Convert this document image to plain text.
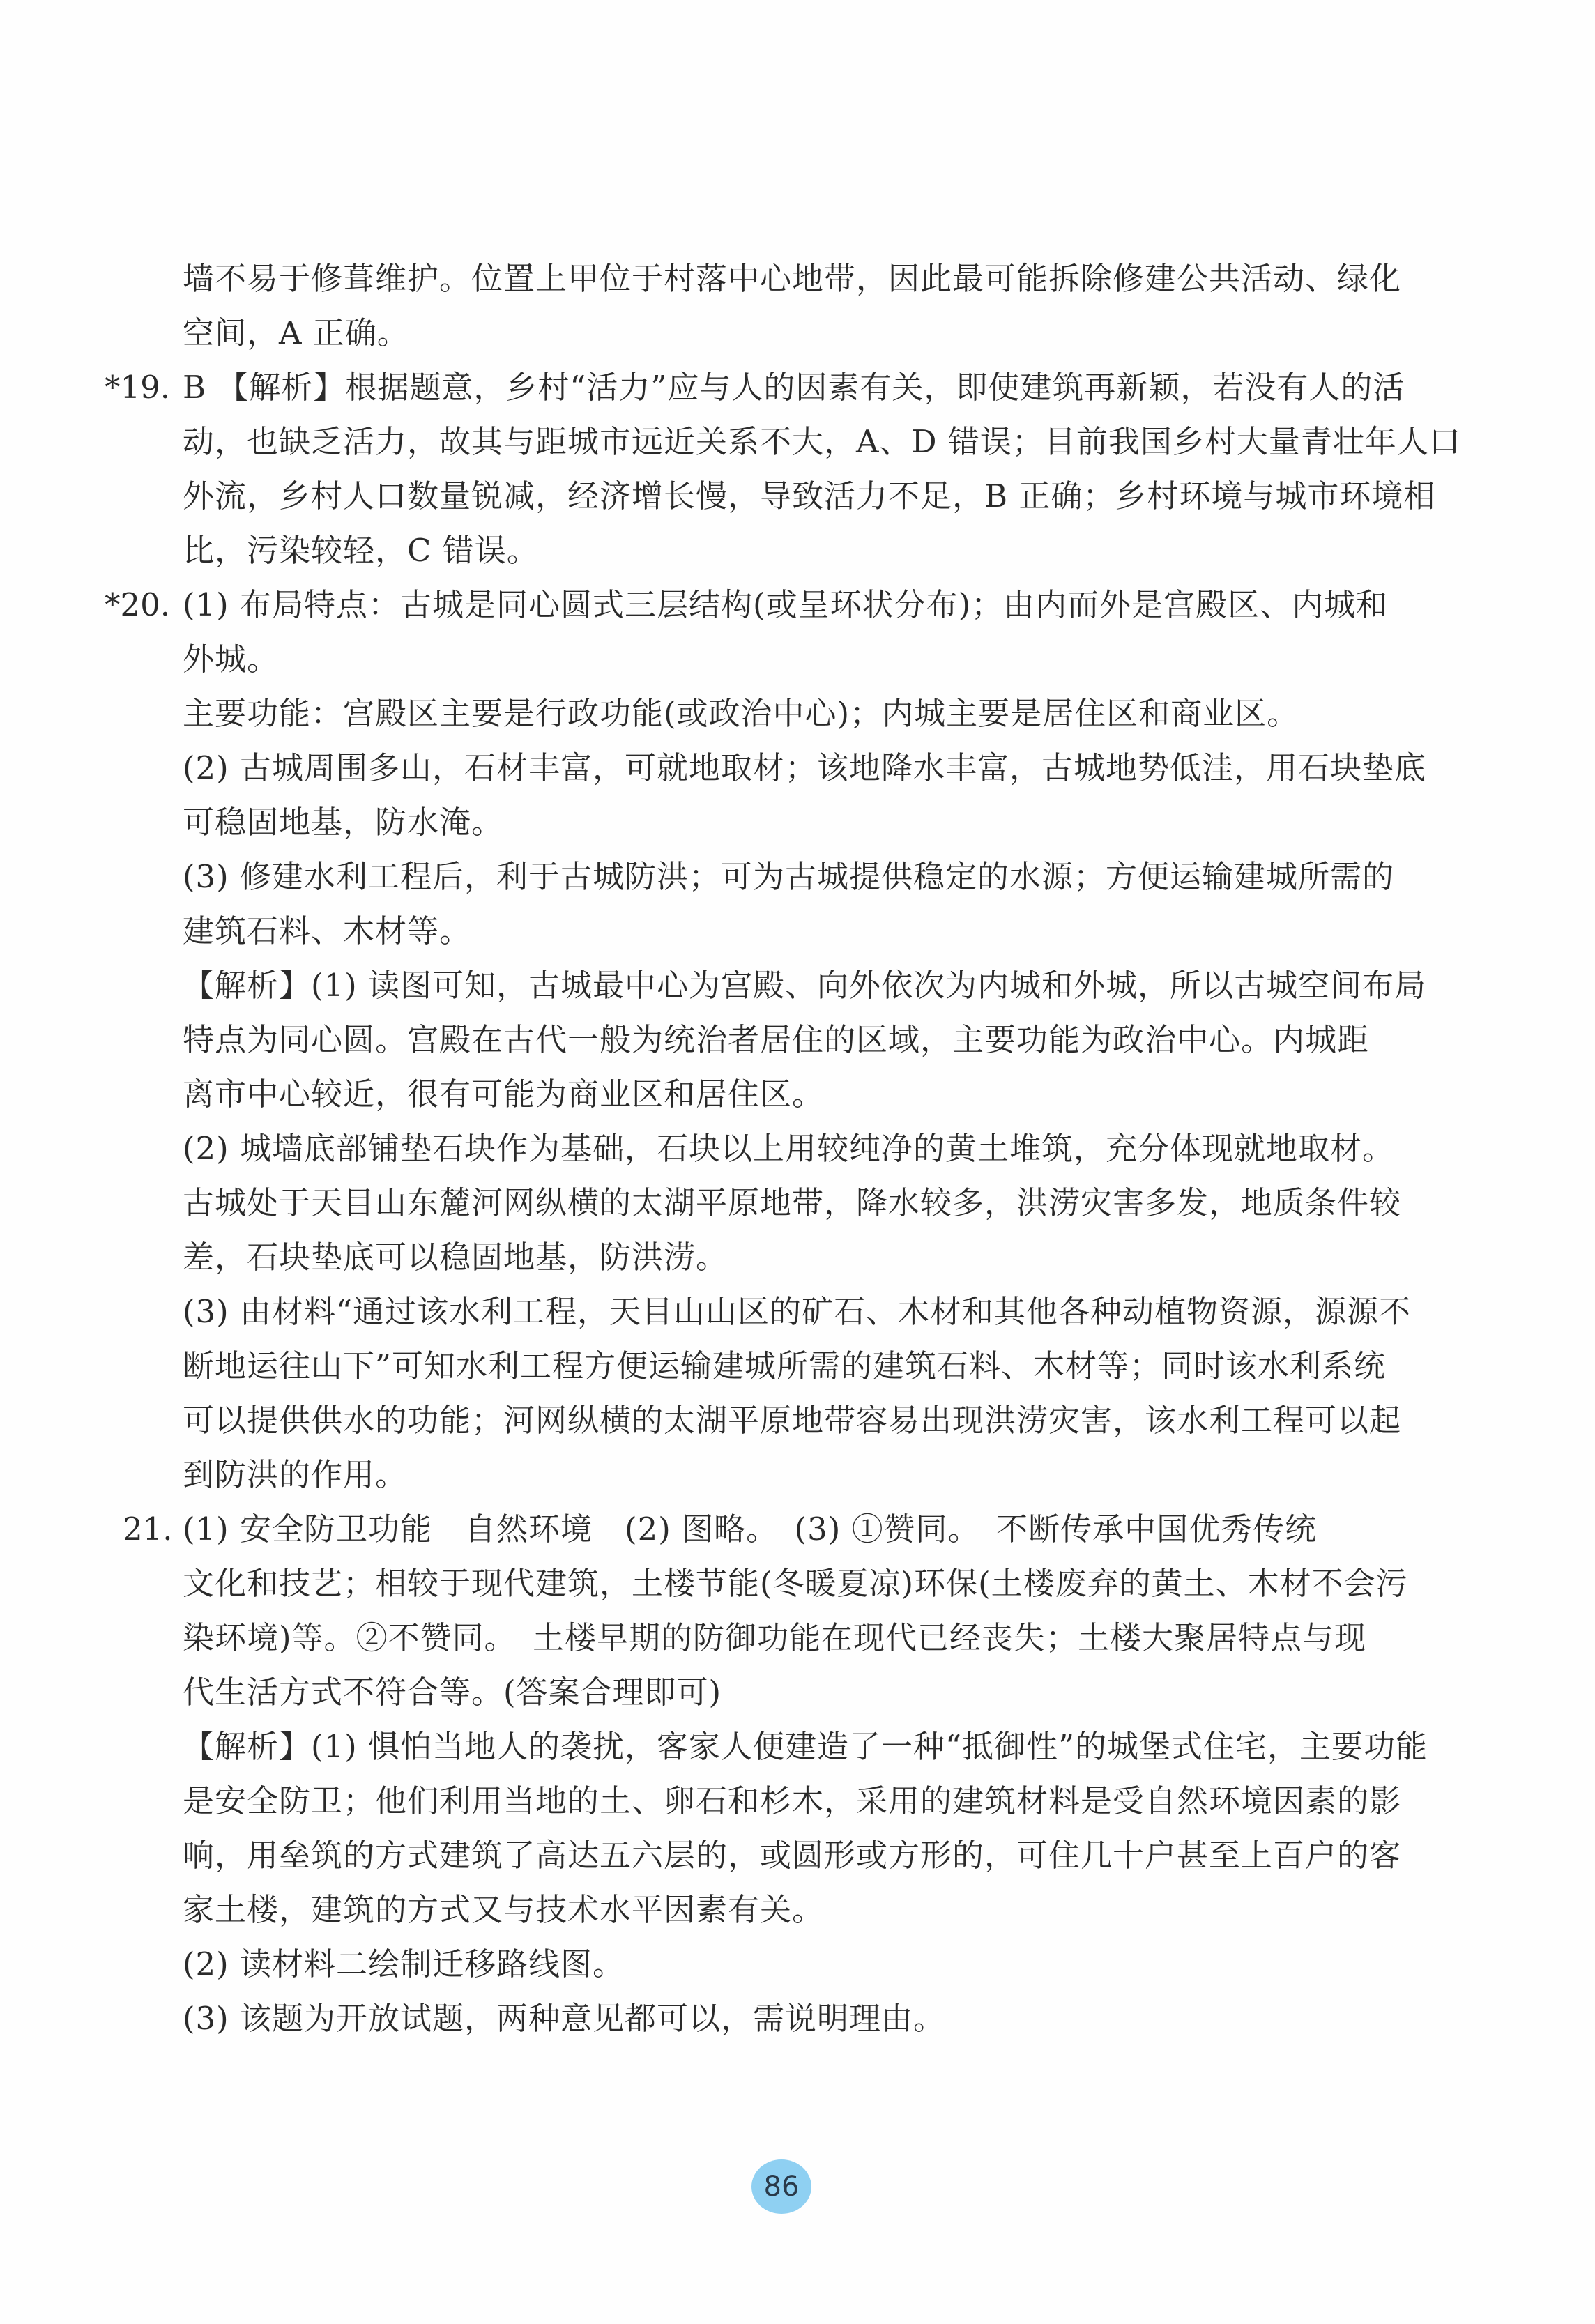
墙不易于修葺维护。位置上甲位于村落中心地带，因此最可能拆除修建公共活动、绿化
空间，A 正确。
*19. B 【解析】根据题意，乡村“活力”应与人的因素有关，即使建筑再新颖，若没有人的活
动，也缺乏活力，故其与距城市远近关系不大，A、D 错误；目前我国乡村大量青壮年人口
外流，乡村人口数量锐减，经济增长慢，导致活力不足，B 正确；乡村环境与城市环境相
比，污染较轻，C 错误。
*20. (1) 布局特点：古城是同心圆式三层结构(或呈环状分布)；由内而外是宫殿区、内城和
外城。
主要功能：宫殿区主要是行政功能(或政治中心)；内城主要是居住区和商业区。
(2) 古城周围多山，石材丰富，可就地取材；该地降水丰富，古城地势低洼，用石块垫底
可稳固地基，防水淹。
(3) 修建水利工程后，利于古城防洪；可为古城提供稳定的水源；方便运输建城所需的
建筑石料、木材等。
【解析】(1) 读图可知，古城最中心为宫殿、向外依次为内城和外城，所以古城空间布局
特点为同心圆。宫殿在古代一般为统治者居住的区域，主要功能为政治中心。内城距
离市中心较近，很有可能为商业区和居住区。
(2) 城墙底部铺垫石块作为基础，石块以上用较纯净的黄土堆筑，充分体现就地取材。
古城处于天目山东麓河网纵横的太湖平原地带，降水较多，洪涝灾害多发，地质条件较
差，石块垫底可以稳固地基，防洪涝。
(3) 由材料“通过该水利工程，天目山山区的矿石、木材和其他各种动植物资源，源源不
断地运往山下”可知水利工程方便运输建城所需的建筑石料、木材等；同时该水利系统
可以提供供水的功能；河网纵横的太湖平原地带容易出现洪涝灾害，该水利工程可以起
到防洪的作用。
21. (1) 安全防卫功能　自然环境　(2) 图略。　(3) ①赞同。　不断传承中国优秀传统
文化和技艺；相较于现代建筑，土楼节能(冬暖夏凉)环保(土楼废弃的黄土、木材不会污
染环境)等。②不赞同。　土楼早期的防御功能在现代已经丧失；土楼大聚居特点与现
代生活方式不符合等。(答案合理即可)
【解析】(1) 惧怕当地人的袭扰，客家人便建造了一种“抵御性”的城堡式住宅，主要功能
是安全防卫；他们利用当地的土、卵石和杉木，采用的建筑材料是受自然环境因素的影
响，用垒筑的方式建筑了高达五六层的，或圆形或方形的，可住几十户甚至上百户的客
家土楼，建筑的方式又与技术水平因素有关。
(2) 读材料二绘制迁移路线图。
(3) 该题为开放试题，两种意见都可以，需说明理由。
86
